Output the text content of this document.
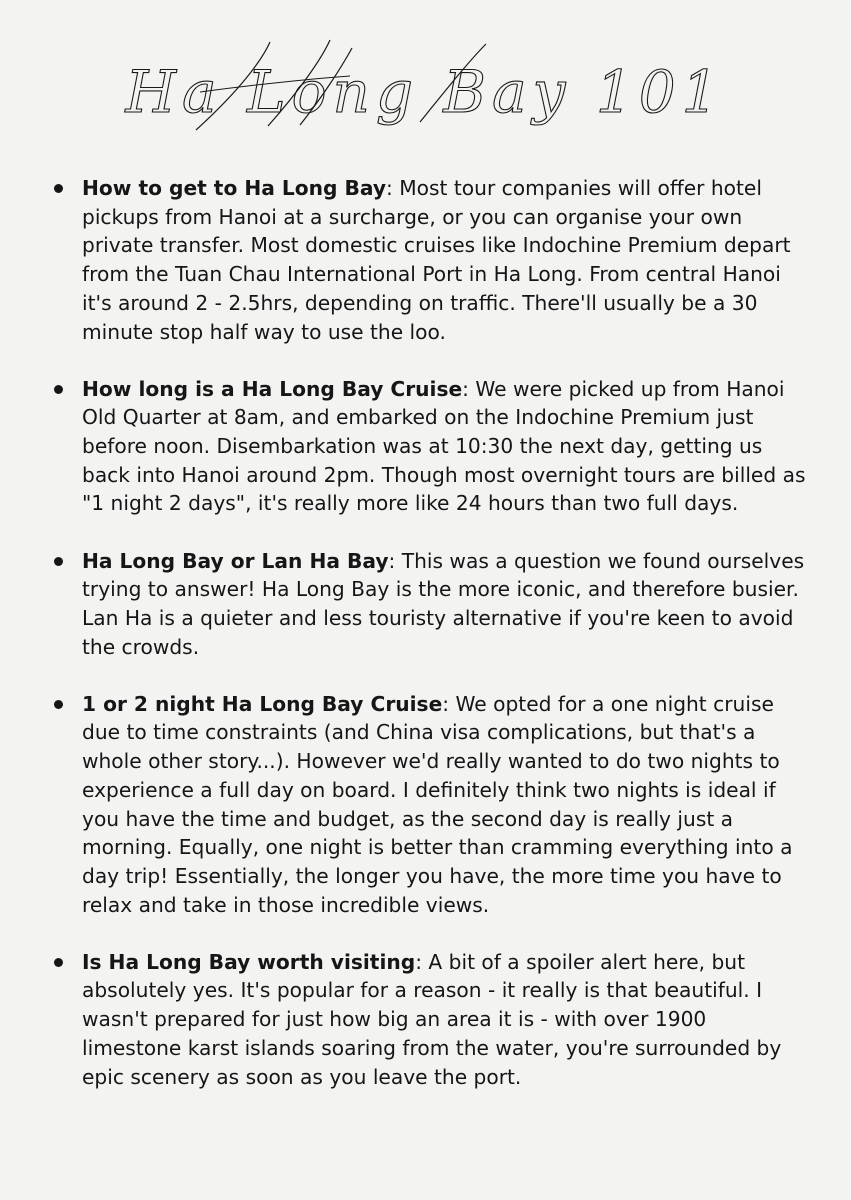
Ha Long Bay 101
How to get to Ha Long Bay: Most tour companies will offer hotel pickups from Hanoi at a surcharge, or you can organise your own private transfer. Most domestic cruises like Indochine Premium depart from the Tuan Chau International Port in Ha Long. From central Hanoi it's around 2 - 2.5hrs, depending on traffic. There'll usually be a 30 minute stop half way to use the loo.
How long is a Ha Long Bay Cruise: We were picked up from Hanoi Old Quarter at 8am, and embarked on the Indochine Premium just before noon. Disembarkation was at 10:30 the next day, getting us back into Hanoi around 2pm. Though most overnight tours are billed as "1 night 2 days", it's really more like 24 hours than two full days.
Ha Long Bay or Lan Ha Bay: This was a question we found ourselves trying to answer! Ha Long Bay is the more iconic, and therefore busier. Lan Ha is a quieter and less touristy alternative if you're keen to avoid the crowds.
1 or 2 night Ha Long Bay Cruise: We opted for a one night cruise due to time constraints (and China visa complications, but that's a whole other story...). However we'd really wanted to do two nights to experience a full day on board. I definitely think two nights is ideal if you have the time and budget, as the second day is really just a morning. Equally, one night is better than cramming everything into a day trip! Essentially, the longer you have, the more time you have to relax and take in those incredible views.
Is Ha Long Bay worth visiting: A bit of a spoiler alert here, but absolutely yes. It's popular for a reason - it really is that beautiful. I wasn't prepared for just how big an area it is - with over 1900 limestone karst islands soaring from the water, you're surrounded by epic scenery as soon as you leave the port.
